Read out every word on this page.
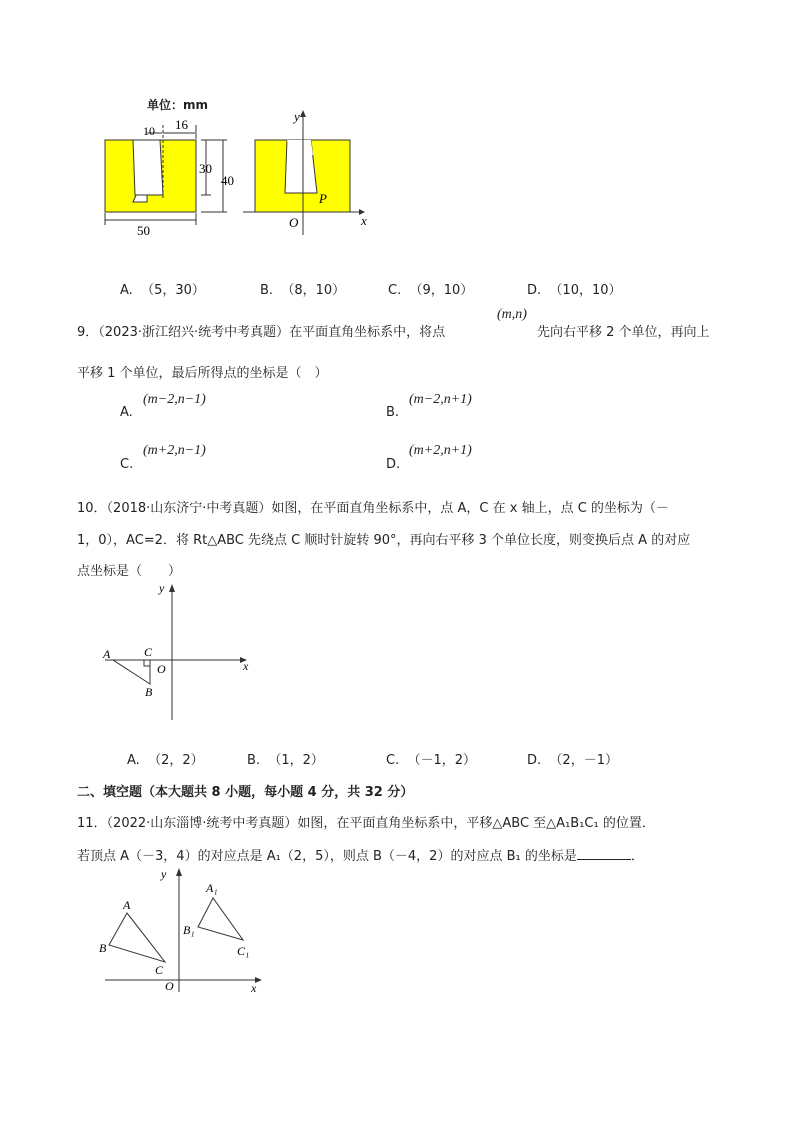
单位：mm
10 16
30
40
50
y
x
O
P
A. （5，30）	B. （8，10）	C. （9，10）	D. （10，10）
9．（2023·浙江绍兴·统考中考真题）在平面直角坐标系中，将点
(m,n)
先向右平移 2 个单位，再向上
平移 1 个单位，最后所得点的坐标是（　）
A.
(m−2,n−1)
B.
(m−2,n+1)
C.
(m+2,n−1)
D.
(m+2,n+1)
10．（2018·山东济宁·中考真题）如图，在平面直角坐标系中，点 A，C 在 x 轴上，点 C 的坐标为（－
1，0），AC=2．将 Rt△ABC 先绕点 C 顺时针旋转 90°，再向右平移 3 个单位长度，则变换后点 A 的对应
点坐标是（　　）
y
x
O
A	C
B
A. （2，2）	B. （1，2）	C. （－1，2）	D. （2，－1）
二、填空题（本大题共 8 小题，每小题 4 分，共 32 分）
11．（2022·山东淄博·统考中考真题）如图，在平面直角坐标系中，平移△ABC 至△A₁B₁C₁ 的位置．
若顶点 A（－3，4）的对应点是 A₁（2，5），则点 B（－4，2）的对应点 B₁ 的坐标是	．
y
x
O
A
B
C
A₁
B₁
C₁
